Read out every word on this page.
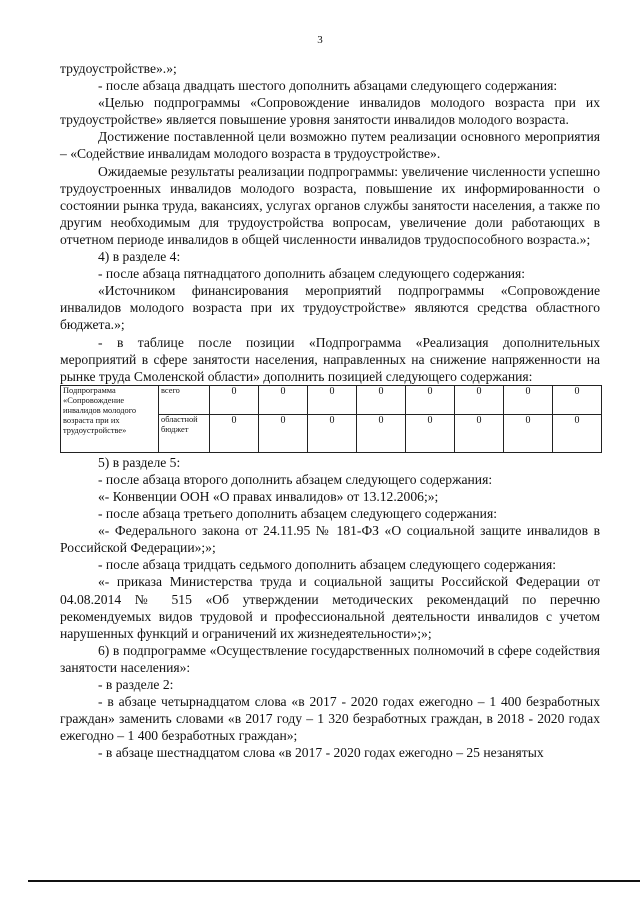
3

трудоустройстве».»;

- после абзаца двадцать шестого дополнить абзацами следующего содержания:

«Целью подпрограммы «Сопровождение инвалидов молодого возраста при их трудоустройстве» является повышение уровня занятости инвалидов молодого возраста.

Достижение поставленной цели возможно путем реализации основного мероприятия – «Содействие инвалидам молодого возраста в трудоустройстве».

Ожидаемые результаты реализации подпрограммы: увеличение численности успешно трудоустроенных инвалидов молодого возраста, повышение их информированности о состоянии рынка труда, вакансиях, услугах органов службы занятости населения, а также по другим необходимым для трудоустройства вопросам, увеличение доли работающих в отчетном периоде инвалидов в общей численности инвалидов трудоспособного возраста.»;

4) в разделе 4:

- после абзаца пятнадцатого дополнить абзацем следующего содержания:

«Источником финансирования мероприятий подпрограммы «Сопровождение инвалидов молодого возраста при их трудоустройстве» являются средства областного бюджета.»;

- в таблице после позиции «Подпрограмма «Реализация дополнительных мероприятий в сфере занятости населения, направленных на снижение напряженности на рынке труда Смоленской области» дополнить позицией следующего содержания:

Подпрограмма «Сопровождение инвалидов молодого возраста при их трудоустройстве»	всего	0	0	0	0	0	0	0	0
	областной бюджет	0	0	0	0	0	0	0	0

5) в разделе 5:

- после абзаца второго дополнить абзацем следующего содержания:

«- Конвенции ООН «О правах инвалидов» от 13.12.2006;»;

- после абзаца третьего дополнить абзацем следующего содержания:

«- Федерального закона от 24.11.95 № 181-ФЗ «О социальной защите инвалидов в Российской Федерации»;»;

- после абзаца тридцать седьмого дополнить абзацем следующего содержания:

«- приказа Министерства труда и социальной защиты Российской Федерации от 04.08.2014 № 515 «Об утверждении методических рекомендаций по перечню рекомендуемых видов трудовой и профессиональной деятельности инвалидов с учетом нарушенных функций и ограничений их жизнедеятельности»;»;

6) в подпрограмме «Осуществление государственных полномочий в сфере содействия занятости населения»:

- в разделе 2:

- в абзаце четырнадцатом слова «в 2017 - 2020 годах ежегодно – 1 400 безработных граждан» заменить словами «в 2017 году – 1 320 безработных граждан, в 2018 - 2020 годах ежегодно – 1 400 безработных граждан»;

- в абзаце шестнадцатом слова «в 2017 - 2020 годах ежегодно – 25 незанятых
